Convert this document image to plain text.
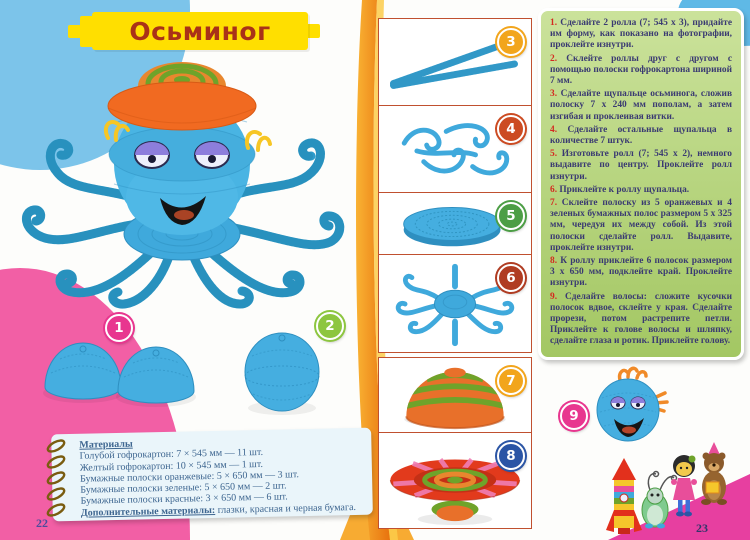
Осьминог
1	2
Материалы
Голубой гофрокартон: 7 × 545 мм — 11 шт.
Желтый гофрокартон: 10 × 545 мм — 1 шт.
Бумажные полоски оранжевые: 5 × 650 мм — 3 шт.
Бумажные полоски зеленые: 5 × 650 мм — 2 шт.
Бумажные полоски красные: 3 × 650 мм — 6 шт.
Дополнительные материалы: глазки, красная и черная бумага.
22
3
4
5
6
7
8

1. Сделайте 2 ролла (7; 545 х 3), придайте им форму, как показано на фотографии, проклейте изнутри.

2. Склейте роллы друг с другом с помощью полоски гофрокартона шириной 7 мм.

3. Сделайте щупальце осьминога, сложив полоску 7 х 240 мм пополам, а затем изгибая и проклеивая витки.

4. Сделайте остальные щупальца в количестве 7 штук.

5. Изготовьте ролл (7; 545 х 2), немного выдавите по центру. Проклейте ролл изнутри.

6. Приклейте к роллу щупальца.

7. Склейте полоску из 5 оранжевых и 4 зеленых бумажных полос размером 5 х 325 мм, чередуя их между собой. Из этой полоски сделайте ролл. Выдавите, проклейте изнутри.

8. К роллу приклейте 6 полосок размером 3 х 650 мм, подклейте край. Проклейте изнутри.

9. Сделайте волосы: сложите кусочки полосок вдвое, склейте у края. Сделайте прорези, потом растрепите петли. Приклейте к голове волосы и шляпку, сделайте глаза и ротик. Приклейте голову.

9
23
